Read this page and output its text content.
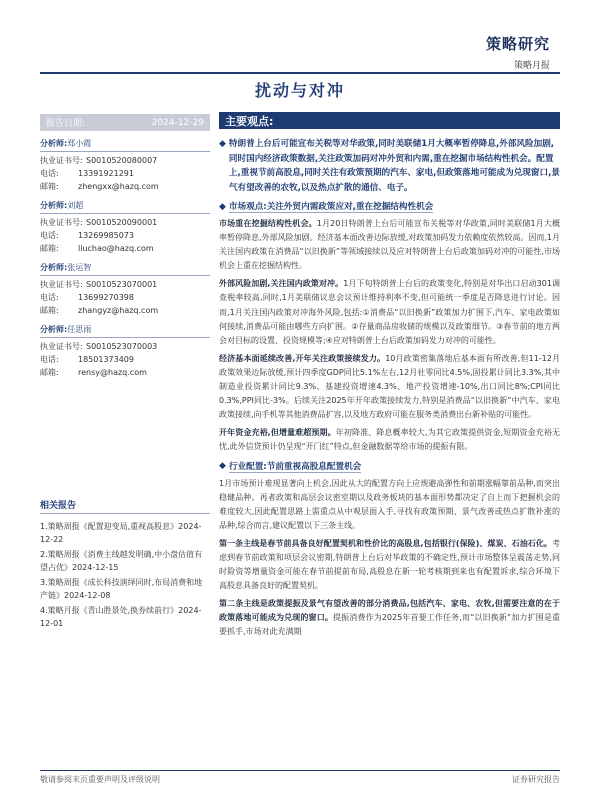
策略研究
策略月报
扰动与对冲
报告日期:	2024-12-29
分析师:郑小霞
执业证书号: S0010520080007
电话:	13391921291
邮箱:	zhengxx@hazq.com
分析师:刘超
执业证书号: S0010520090001
电话:	13269985073
邮箱:	liuchao@hazq.com
分析师:张运智
执业证书号: S0010523070001
电话:	13699270398
邮箱:	zhangyz@hazq.com
分析师:任思雨
执业证书号: S0010523070003
电话:	18501373409
邮箱:	rensy@hazq.com
相关报告
1.策略周报《配置迎变局,重视高股息》2024-12-22
2.策略周报《消费主线越发明确,中小盘估值有望占优》2024-12-15
3.策略周报《成长科技演绎同时,布局消费和地产链》2024-12-08
4.策略月报《青山胜景处,换券续前行》2024-12-01
主要观点:
◆ 特朗普上台后可能宣布关税等对华政策,同时美联储1月大概率暂停降息,外部风险加剧,同时国内经济政策数据,关注政策加码对冲外贸和内需,重在挖掘市场结构性机会。配置上,重视节前高股息,同时关注有政策预期的汽车、家电,但政策落地可能成为兑现窗口,景气有望改善的农牧,以及热点扩散的通信、电子。
◆ 市场观点:关注外贸内需政策应对,重在挖掘结构性机会
市场重在挖掘结构性机会。1月20日特朗普上台后可能宣布关税等对华政策,同时美联储1月大概率暂停降息,外部风险加剧。经济基本面改善边际放缓,对政策加码发力依赖度依然较高。因而,1月关注国内政策在消费品“以旧换新”等领域接续以及应对特朗普上台后政策加码对冲的可能性,市场机会上重在挖掘结构性。
外部风险加剧,关注国内政策对冲。1月下旬特朗普上台后的政策变化,特别是对华出口启动301调查税率较高,同时,1月美联储议息会议预计维持利率不变,但可能统一季度是否降息进行讨论。因而,1月关注国内政策对冲海外风险,包括:①消费品“以旧换新”政策加力扩围下,汽车、家电政策如何接续,消费品可能由哪些方向扩围。②存量商品房收储的规模以及政策细节。③春节前的地方两会对目标的设置、投资规模等;④应对特朗普上台后政策加码发力对冲的可能性。
经济基本面延续改善,开年关注政策接续发力。10月政策密集落地后基本面有所改善,但11-12月政策效果边际放缓,预计四季度GDP同比5.1%左右,12月社零同比4.5%,固投累计同比3.3%,其中制造业投资累计同比9.3%、基建投资增速4.3%、地产投资增速-10%,出口同比8%;CPI同比0.3%,PPI同比-3%。后续关注2025年开年政策接续发力,特别是消费品“以旧换新”中汽车、家电政策接续,向手机等其他消费品扩容,以及地方政府可能在服务类消费出台新补贴的可能性。
开年资金充裕,但增量难超预期。年初降准、降息概率较大,为其它政策提供资金,短期资金充裕无忧,此外信贷预计仍呈现“开门红”特点,但金融数据等给市场的提振有限。
◆ 行业配置:节前重视高股息配置机会
1月市场预计难现显著向上机会,因此从大的配置方向上应规避高弹性和前期涨幅靠前品种,而突出稳健品种。再者政策和高层会议密室期以及政务板块的基本面形势都决定了自上而下把握机会的难度较大,因此配置思路上需重点从中观层面入手,寻找有政策预期、景气改善或热点扩散补涨的品种,综合而言,建议配置以下三条主线。
第一条主线是春节前具备良好配置契机和性价比的高股息,包括银行(保险)、煤炭、石油石化。考虑到春节前政策和项层会议密期,特朗普上台后对华政策的不确定性,预计市场整体呈震荡走势,同时险资等增量资金可能在春节前提前布局,高股息在新一轮考核期到来也有配置诉求,综合环境下高股息具备良好的配置契机。
第二条主线是政策提振及景气有望改善的部分消费品,包括汽车、家电、农牧,但需要注意的在于政策落地可能成为兑现的窗口。提振消费作为2025年首要工作任务,而“以旧换新”加力扩围是重要抓手,市场对此充满期
敬请参阅末页重要声明及评级说明	证券研究报告
